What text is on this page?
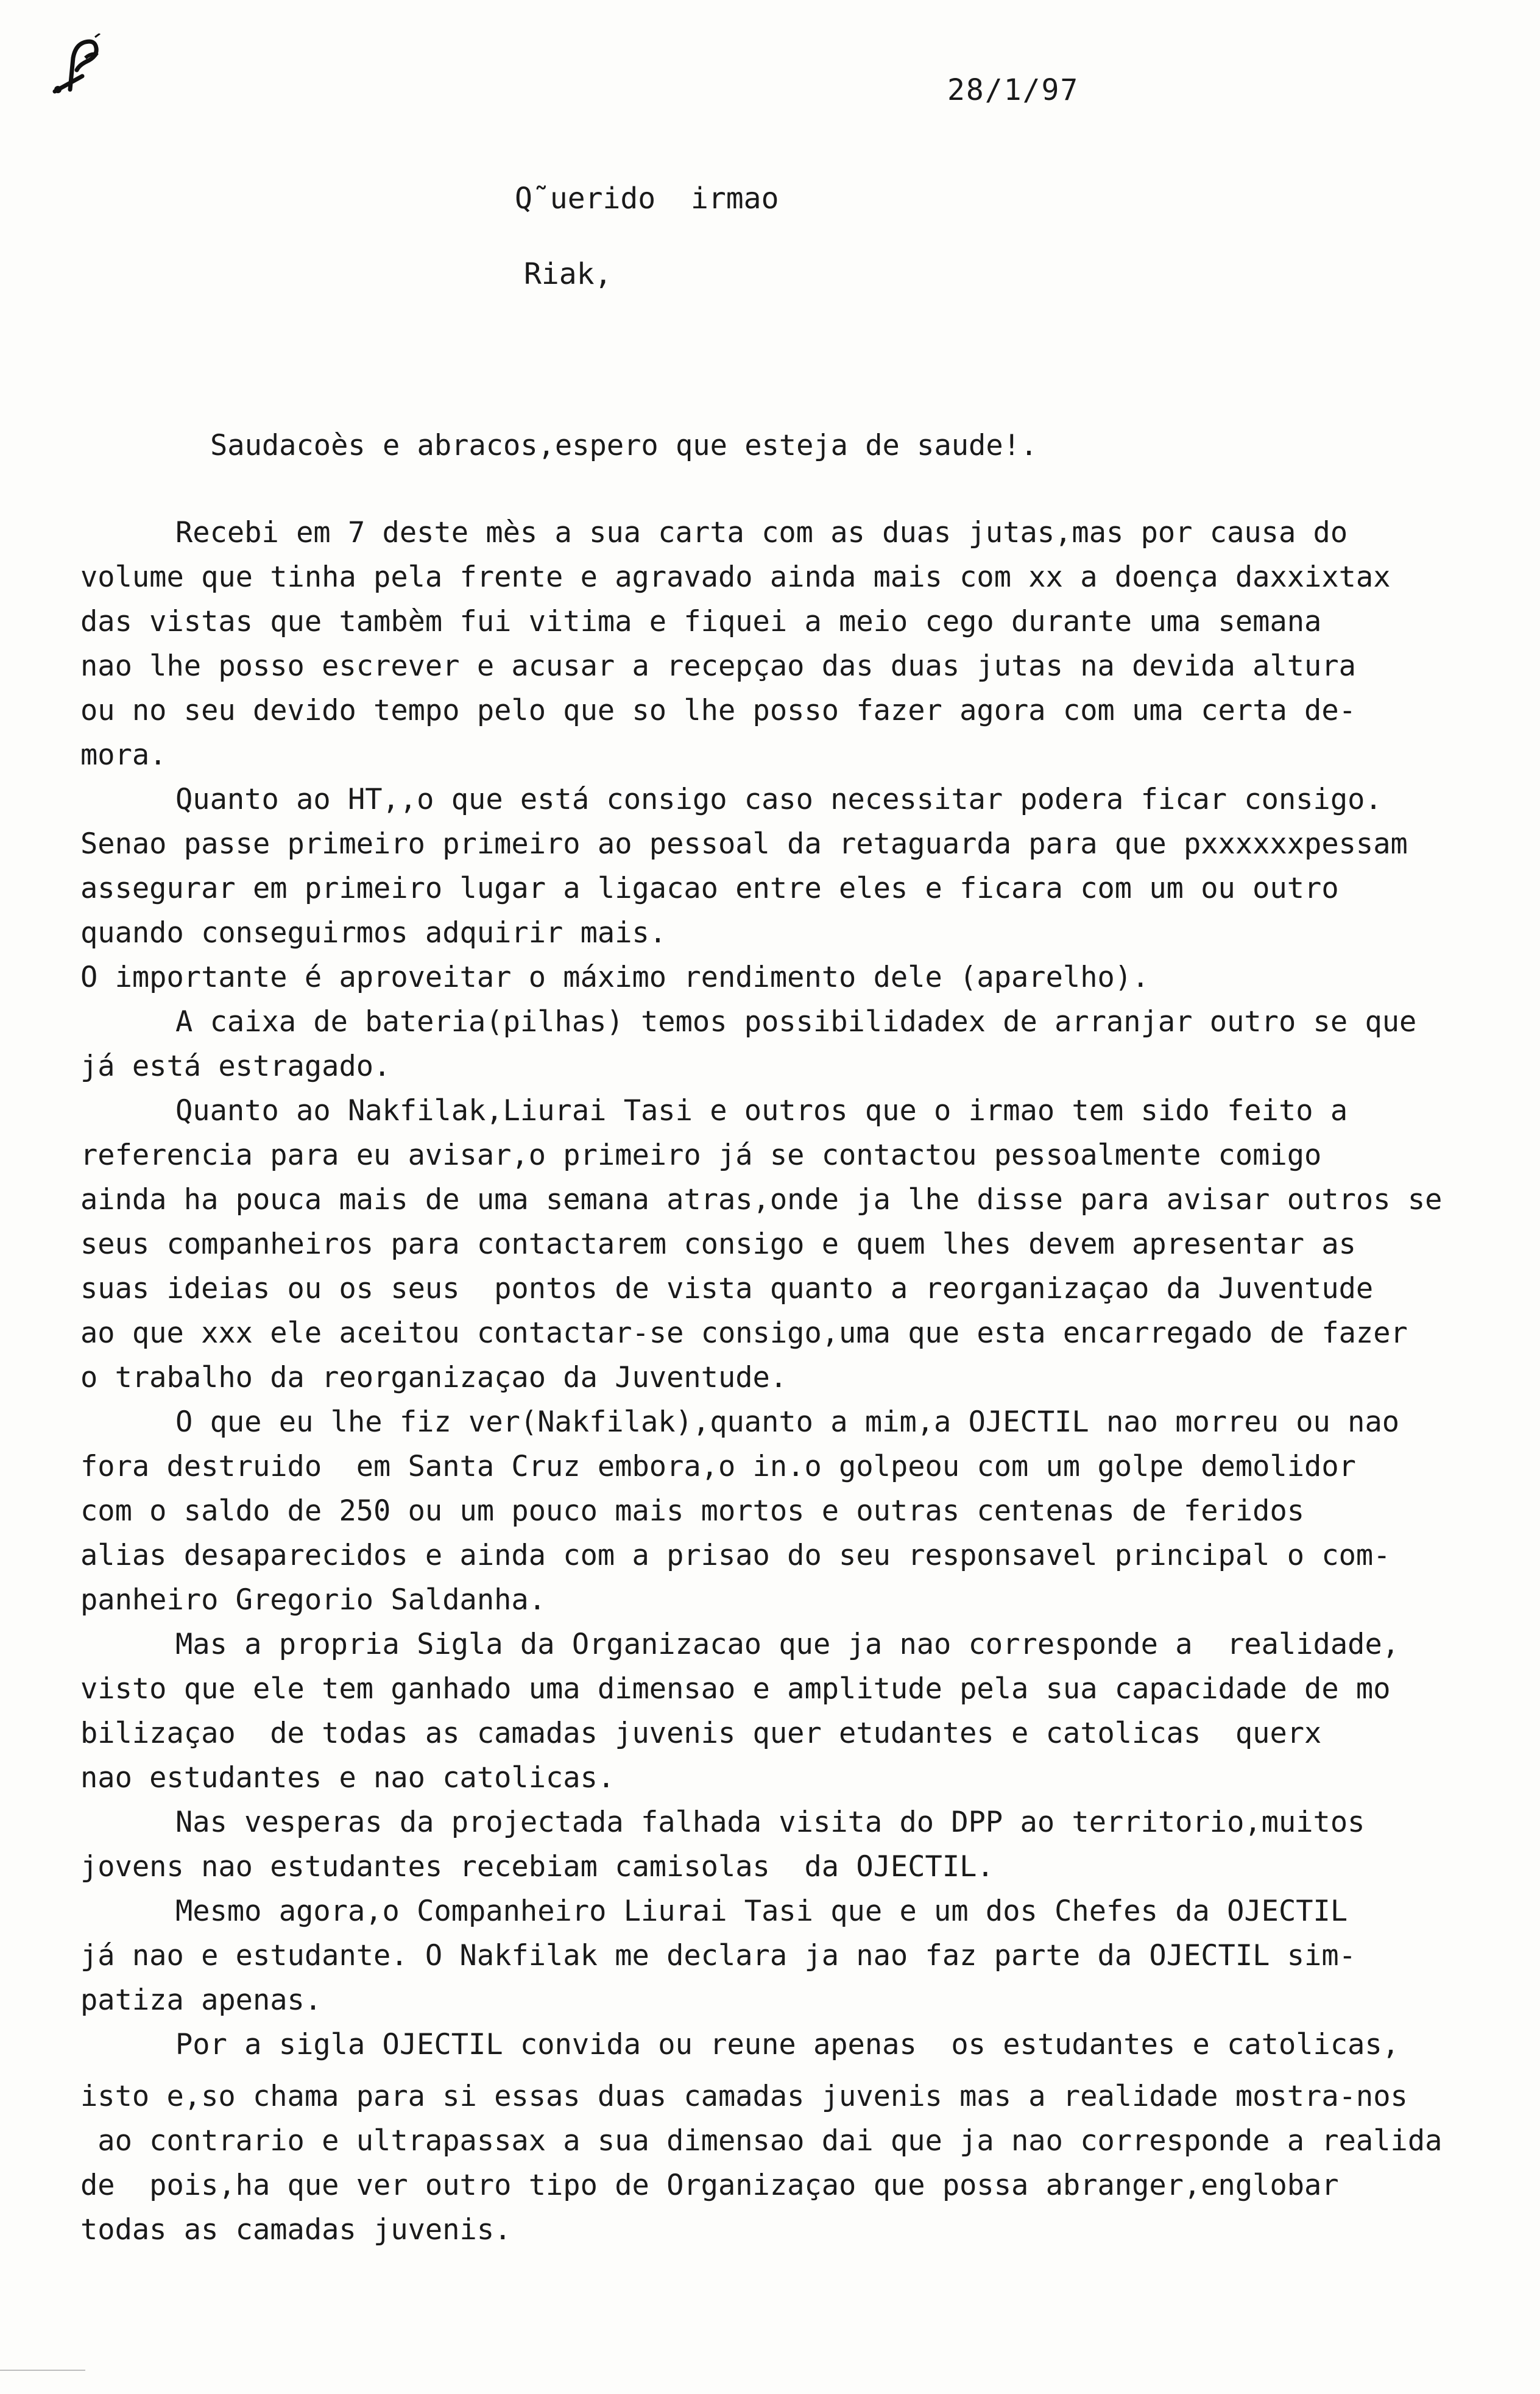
28/1/97
Q˜uerido  irmao
Riak,
Saudacoès e abracos,espero que esteja de saude!.
Recebi em 7 deste mès a sua carta com as duas jutas,mas por causa do
volume que tinha pela frente e agravado ainda mais com xx a doença daxxixtax
das vistas que tambèm fui vitima e fiquei a meio cego durante uma semana
nao lhe posso escrever e acusar a recepçao das duas jutas na devida altura
ou no seu devido tempo pelo que so lhe posso fazer agora com uma certa de-
mora.
Quanto ao HT,,o que está consigo caso necessitar podera ficar consigo.
Senao passe primeiro primeiro ao pessoal da retaguarda para que pxxxxxxpessam
assegurar em primeiro lugar a ligacao entre eles e ficara com um ou outro
quando conseguirmos adquirir mais.
O importante é aproveitar o máximo rendimento dele (aparelho).
A caixa de bateria(pilhas) temos possibilidadex de arranjar outro se que
já está estragado.
Quanto ao Nakfilak,Liurai Tasi e outros que o irmao tem sido feito a
referencia para eu avisar,o primeiro já se contactou pessoalmente comigo
ainda ha pouca mais de uma semana atras,onde ja lhe disse para avisar outros se
seus companheiros para contactarem consigo e quem lhes devem apresentar as
suas ideias ou os seus  pontos de vista quanto a reorganizaçao da Juventude
ao que xxx ele aceitou contactar-se consigo,uma que esta encarregado de fazer
o trabalho da reorganizaçao da Juventude.
O que eu lhe fiz ver(Nakfilak),quanto a mim,a OJECTIL nao morreu ou nao
fora destruido  em Santa Cruz embora,o in.o golpeou com um golpe demolidor
com o saldo de 250 ou um pouco mais mortos e outras centenas de feridos
alias desaparecidos e ainda com a prisao do seu responsavel principal o com-
panheiro Gregorio Saldanha.
Mas a propria Sigla da Organizacao que ja nao corresponde a  realidade,
visto que ele tem ganhado uma dimensao e amplitude pela sua capacidade de mo
bilizaçao  de todas as camadas juvenis quer etudantes e catolicas  querx
nao estudantes e nao catolicas.
Nas vesperas da projectada falhada visita do DPP ao territorio,muitos
jovens nao estudantes recebiam camisolas  da OJECTIL.
Mesmo agora,o Companheiro Liurai Tasi que e um dos Chefes da OJECTIL
já nao e estudante. O Nakfilak me declara ja nao faz parte da OJECTIL sim-
patiza apenas.
Por a sigla OJECTIL convida ou reune apenas  os estudantes e catolicas,
isto e,so chama para si essas duas camadas juvenis mas a realidade mostra-nos
ao contrario e ultrapassax a sua dimensao dai que ja nao corresponde a realida
de  pois,ha que ver outro tipo de Organizaçao que possa abranger,englobar
todas as camadas juvenis.
